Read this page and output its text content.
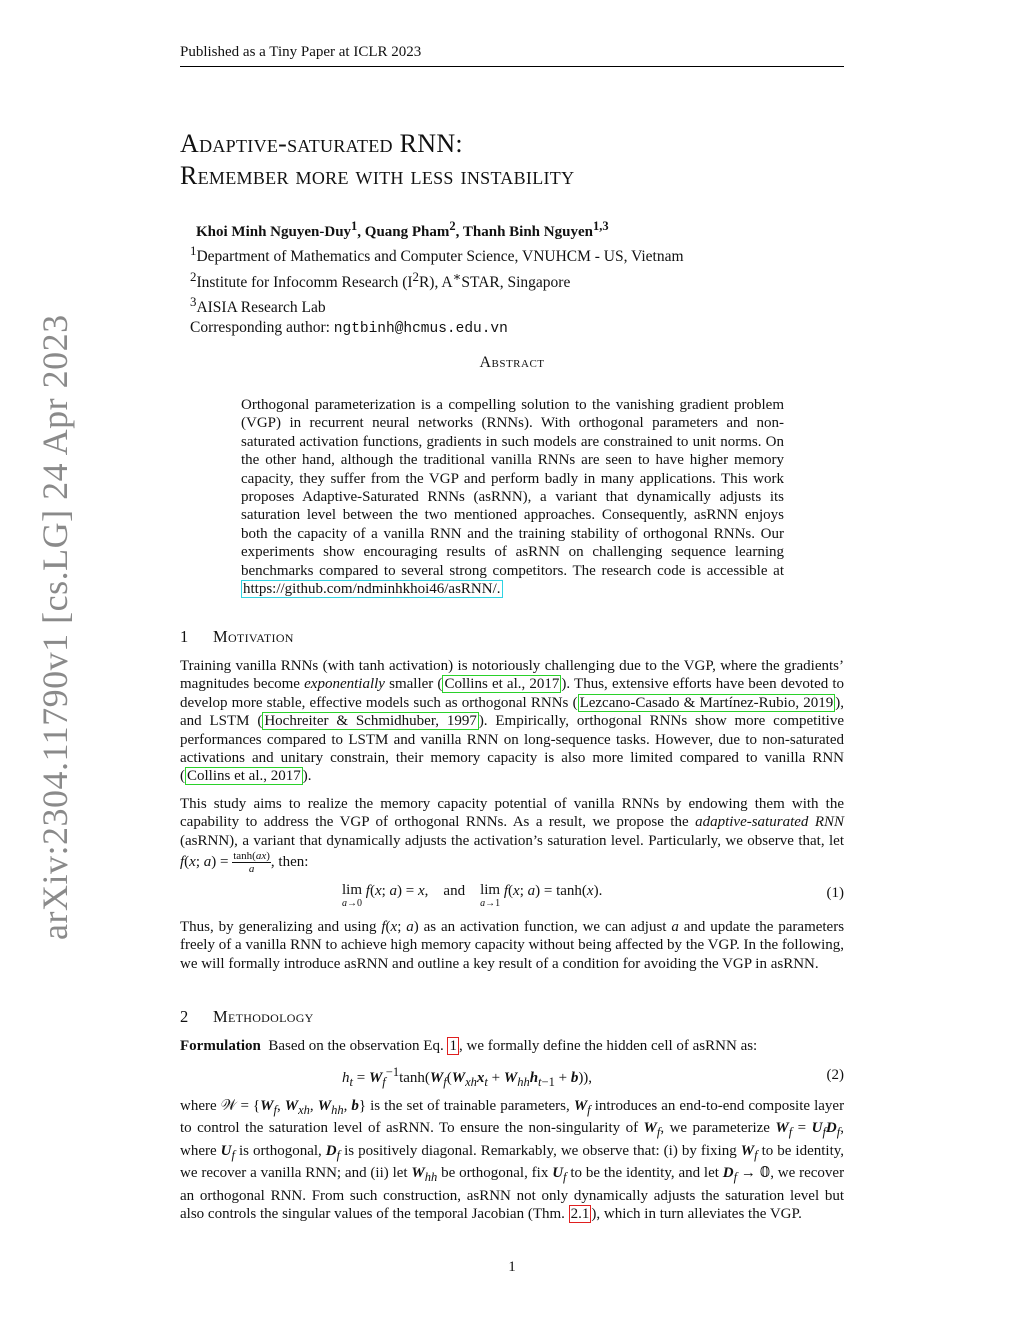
Published as a Tiny Paper at ICLR 2023
arXiv:2304.11790v1 [cs.LG] 24 Apr 2023
Adaptive-saturated RNN:
Remember more with less instability
Khoi Minh Nguyen-Duy$^1$, Quang Pham$^2$, Thanh Binh Nguyen$^{1,3}$
$^1$Department of Mathematics and Computer Science, VNUHCM - US, Vietnam
$^2$Institute for Infocomm Research $(I^2R)$, A∗STAR, Singapore
$^3$AISIA Research Lab
Corresponding author: ngtbinh@hcmus.edu.vn
Abstract
Orthogonal parameterization is a compelling solution to the vanishing gradient problem (VGP) in recurrent neural networks (RNNs). With orthogonal parameters and non-saturated activation functions, gradients in such models are constrained to unit norms. On the other hand, although the traditional vanilla RNNs are seen to have higher memory capacity, they suffer from the VGP and perform badly in many applications. This work proposes Adaptive-Saturated RNNs (asRNN), a variant that dynamically adjusts its saturation level between the two mentioned approaches. Consequently, asRNN enjoys both the capacity of a vanilla RNN and the training stability of orthogonal RNNs. Our experiments show encouraging results of asRNN on challenging sequence learning benchmarks compared to several strong competitors. The research code is accessible at https://github.com/ndminhkhoi46/asRNN/.
1 Motivation
Training vanilla RNNs (with tanh activation) is notoriously challenging due to the VGP, where the gradients’ magnitudes become exponentially smaller ( Collins et al., 2017 ). Thus, extensive efforts have been devoted to develop more stable, effective models such as orthogonal RNNs ( Lezcano-Casado & Martínez-Rubio, 2019 ), and LSTM ( Hochreiter & Schmidhuber, 1997 ). Empirically, orthogonal RNNs show more competitive performances compared to LSTM and vanilla RNN on long-sequence tasks. However, due to non-saturated activations and unitary constrain, their memory capacity is also more limited compared to vanilla RNN ( Collins et al., 2017 ).
This study aims to realize the memory capacity potential of vanilla RNNs by endowing them with the capability to address the VGP of orthogonal RNNs. As a result, we propose the adaptive-saturated RNN (asRNN), a variant that dynamically adjusts the activation’s saturation level. Particularly, we observe that, let f(x; $a) = \frac{\tanh(ax)}{a}$ , then:
lim
a→0
f(x; a) = x,    and lim
a→1
f(x; a) = tanh(x).	(1)
Thus, by generalizing and using f(x; a) as an activation function, we can adjust a and update the parameters freely of a vanilla RNN to achieve high memory capacity without being affected by the VGP. In the following, we will formally introduce asRNN and outline a key result of a condition for avoiding the VGP in asRNN.
2 Methodology
Formulation Based on the observation Eq. 1 , we formally define the hidden cell of asRNN as:
$h_t = W_f^{-1}\tanh(W_f(W_{xh}x_t + W_{hh}h_{t-1} + b))$,	(2)
where 𝒲 = {$W_f$, $W_{xh}$, $W_{hh}$, b} is the set of trainable parameters, $W_f$ introduces an end-to-end composite layer to control the saturation level of asRNN. To ensure the non-singularity of $W_f$, we parameterize $W_f = U_fD_f$, where $U_f$ is orthogonal, $D_f$ is positively diagonal. Remarkably, we observe that: (i) by fixing $W_f$ to be identity, we recover a vanilla RNN; and (ii) let $W_{hh}$ be orthogonal, fix $U_f$ to be the identity, and let $D_f$ → 𝟘, we recover an orthogonal RNN. From such construction, asRNN not only dynamically adjusts the saturation level but also controls the singular values of the temporal Jacobian (Thm. 2.1 ), which in turn alleviates the VGP.
1
